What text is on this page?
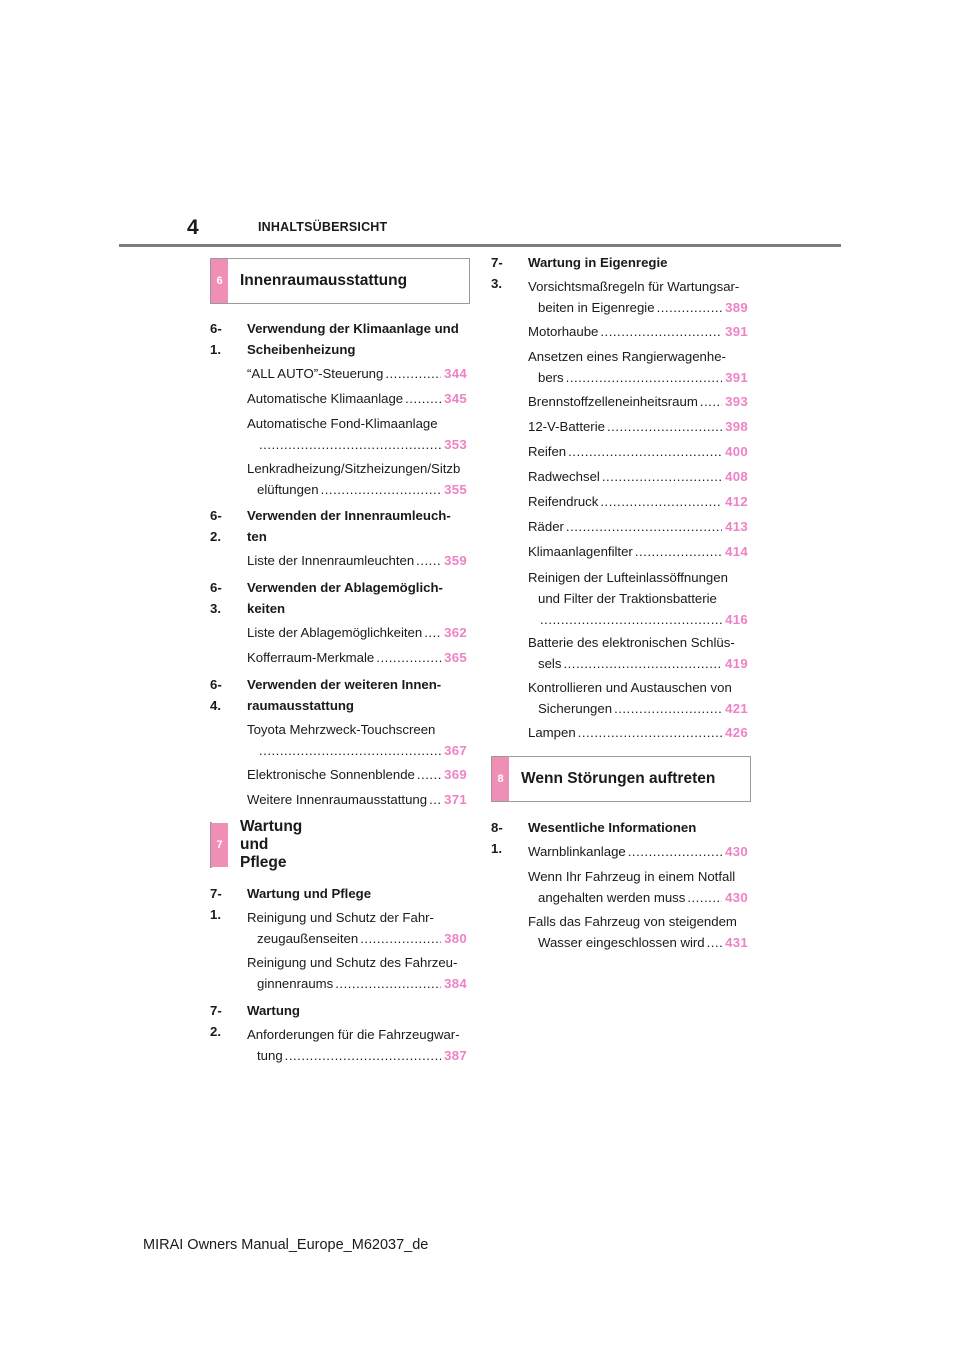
4	INHALTSÜBERSICHT
6	Innenraumausstattung
6-1.
Verwendung der Klimaanlage und
Scheibenheizung
“ALL AUTO”-Steuerung .....	344
Automatische Klimaanlage .....	345
Automatische Fond-Klimaanlage
.....
353
Lenkradheizung/Sitzheizungen/Sitzb
elüftungen .....	355
6-2.
Verwenden der Innenraumleuch-
ten
Liste der Innenraumleuchten ..... 359
6-3.
Verwenden der Ablagemöglich-
keiten
Liste der Ablagemöglichkeiten ..... 362
Kofferraum-Merkmale .....	365
6-4.
Verwenden der weiteren Innen-
raumausstattung
Toyota Mehrzweck-Touchscreen
.....
367
Elektronische Sonnenblende ..... 369
Weitere Innenraumausstattung ..... 371
7
Wartung und Pflege
7-1.
Wartung und Pflege
Reinigung und Schutz der Fahr-
zeugaußenseiten .....	380
Reinigung und Schutz des Fahrzeu-
ginnenraums .....	384
7-2.
Wartung
Anforderungen für die Fahrzeugwar-
tung .....	387
7-3.
Wartung in Eigenregie
Vorsichtsmaßregeln für Wartungsar-
beiten in Eigenregie .....	389
Motorhaube .....	391
Ansetzen eines Rangierwagenhe-
bers .....	391
Brennstoffzelleneinheitsraum ..... 393
12-V-Batterie .....	398
Reifen .....	400
Radwechsel .....	408
Reifendruck .....	412
Räder .....	413
Klimaanlagenfilter .....	414
Reinigen der Lufteinlassöffnungen
und Filter der Traktionsbatterie
.....
416
Batterie des elektronischen Schlüs-
sels .....	419
Kontrollieren und Austauschen von
Sicherungen .....	421
Lampen .....	426
8	Wenn Störungen auftreten
8-1.
Wesentliche Informationen
Warnblinkanlage .....	430
Wenn Ihr Fahrzeug in einem Notfall
angehalten werden muss .....	430
Falls das Fahrzeug von steigendem
Wasser eingeschlossen wird ..... 431
MIRAI Owners Manual_Europe_M62037_de
